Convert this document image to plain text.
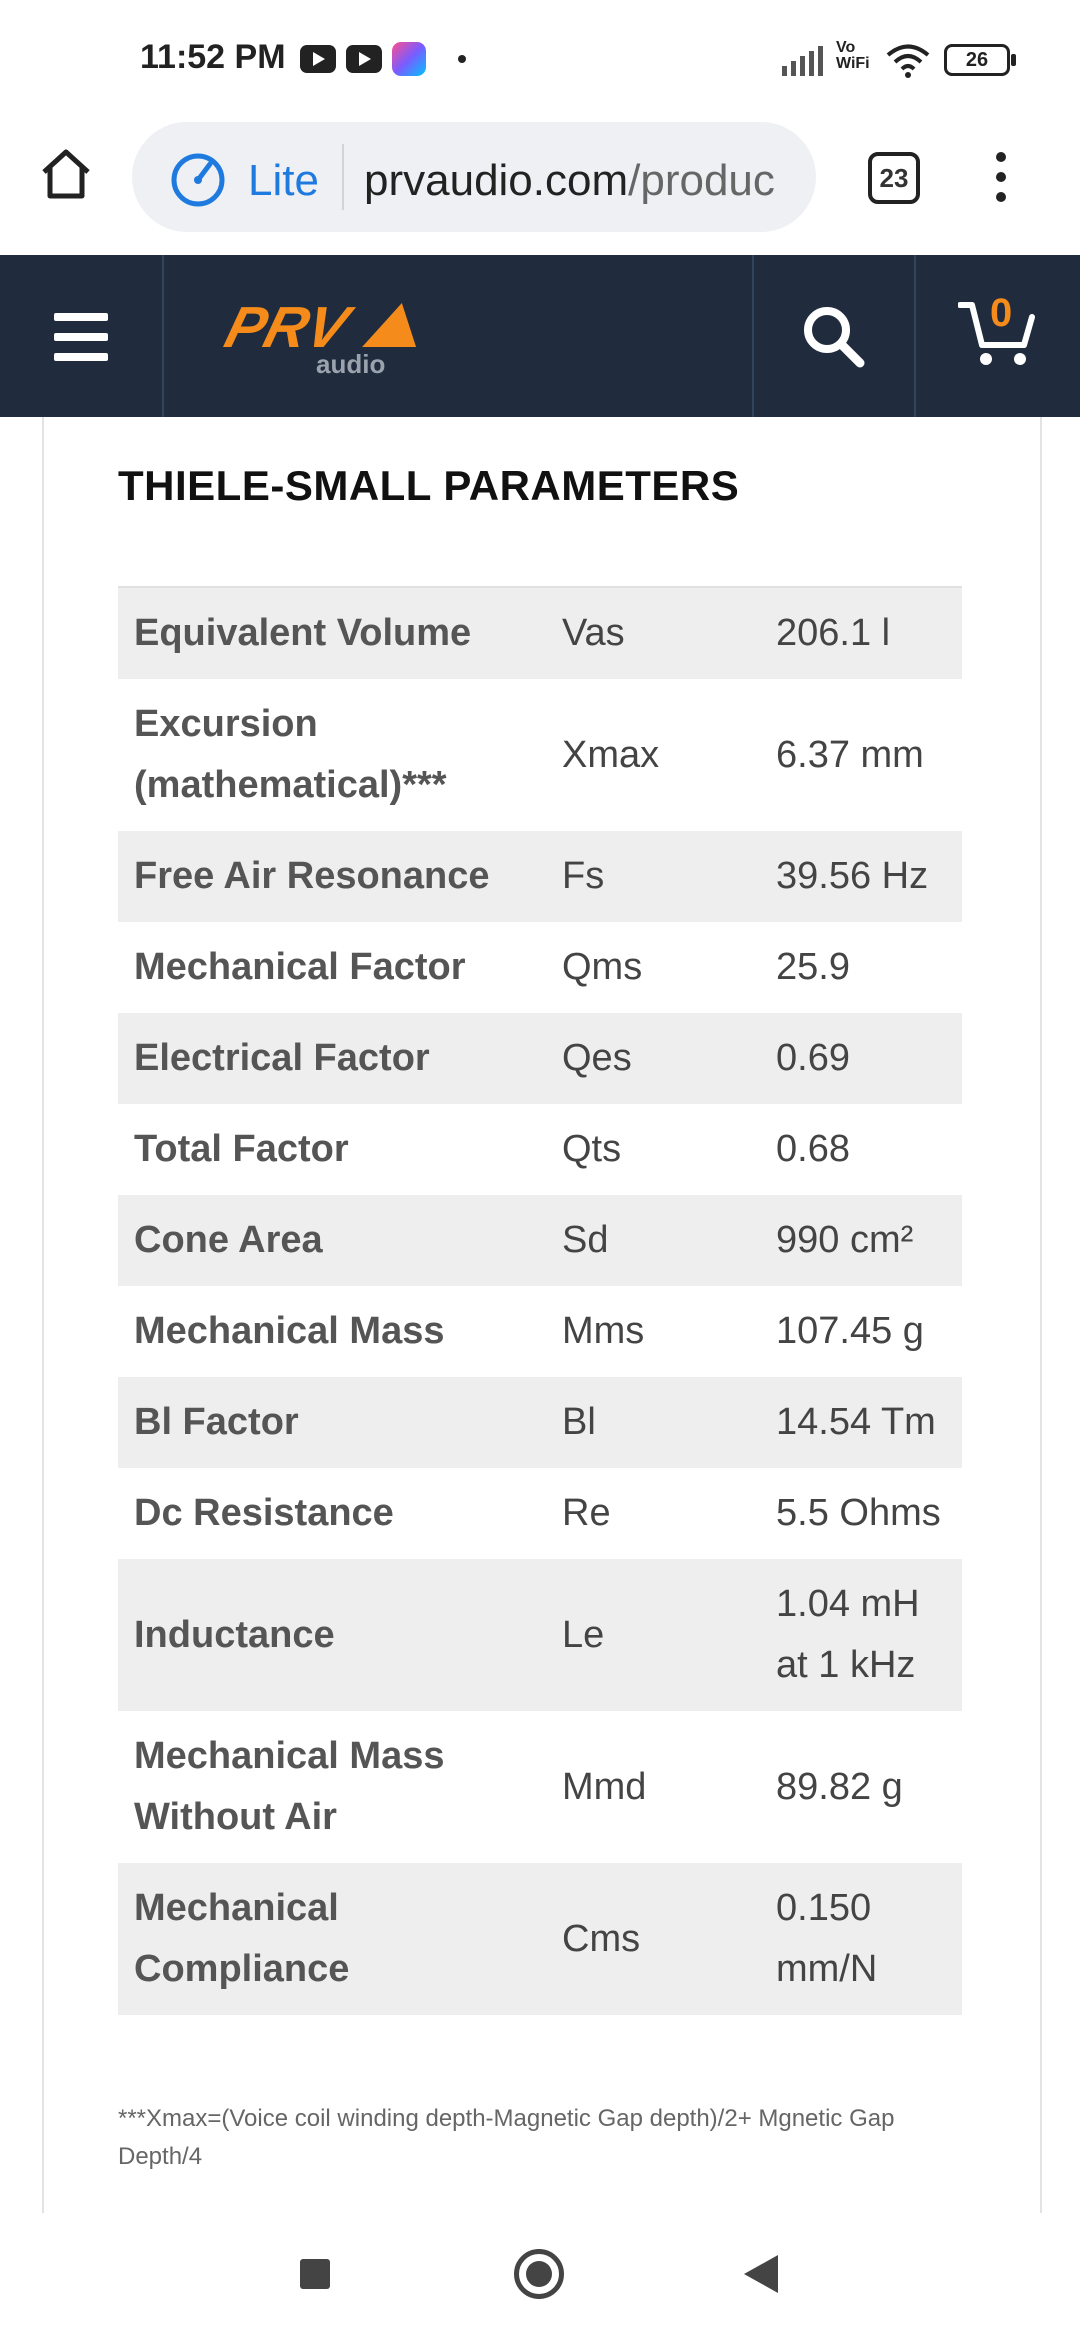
11:52 PM	Vo
WiFi	26
Lite prvaudio.com/produc	23
PRV
audio
0
THIELE-SMALL PARAMETERS
Equivalent Volume	Vas	206.1 l
Excursion (mathematical)***	Xmax	6.37 mm
Free Air Resonance	Fs	39.56 Hz
Mechanical Factor	Qms	25.9
Electrical Factor	Qes	0.69
Total Factor	Qts	0.68
Cone Area	Sd	990 cm²
Mechanical Mass	Mms	107.45 g
Bl Factor	Bl	14.54 Tm
Dc Resistance	Re	5.5 Ohms
Inductance	Le	1.04 mH at 1 kHz
Mechanical Mass Without Air	Mmd	89.82 g
Mechanical Compliance	Cms	0.150 mm/N
***Xmax=(Voice coil winding depth-Magnetic Gap depth)/2+ Mgnetic Gap Depth/4
